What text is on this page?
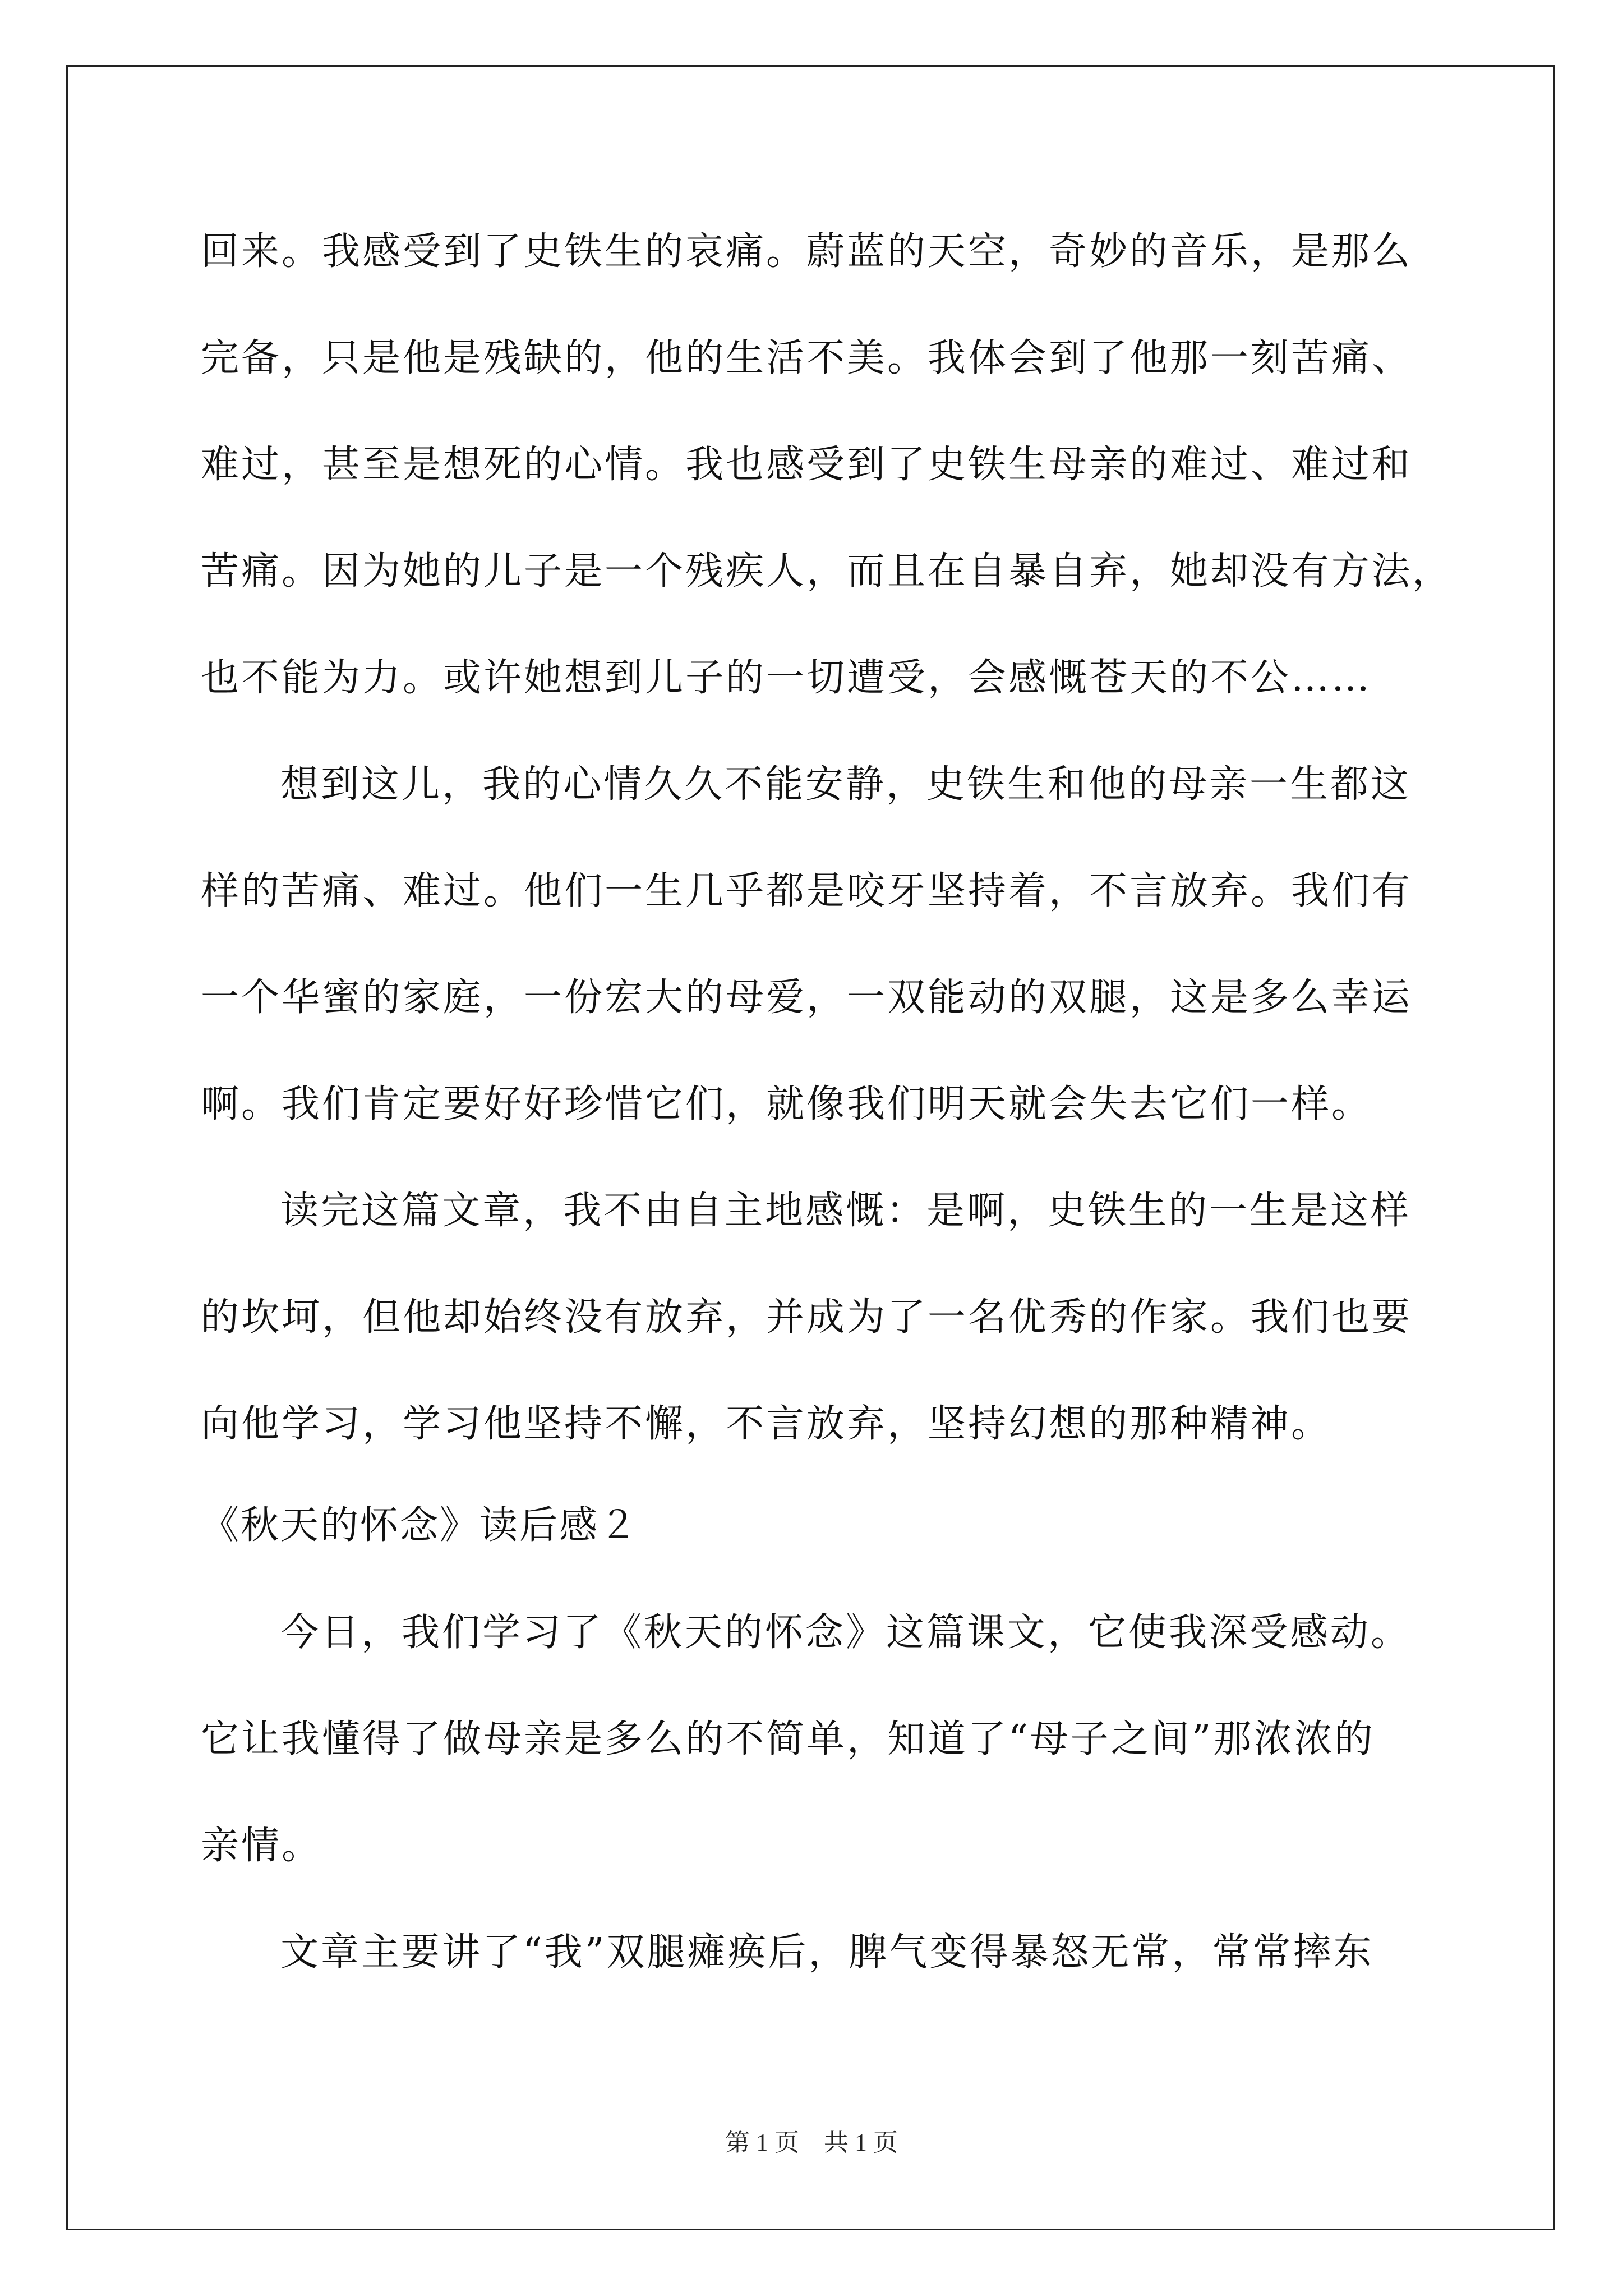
回来。我感受到了史铁生的哀痛。蔚蓝的天空，奇妙的音乐，是那么
完备，只是他是残缺的，他的生活不美。我体会到了他那一刻苦痛、
难过，甚至是想死的心情。我也感受到了史铁生母亲的难过、难过和
苦痛。因为她的儿子是一个残疾人，而且在自暴自弃，她却没有方法，
也不能为力。或许她想到儿子的一切遭受，会感慨苍天的不公……
想到这儿，我的心情久久不能安静，史铁生和他的母亲一生都这
样的苦痛、难过。他们一生几乎都是咬牙坚持着，不言放弃。我们有
一个华蜜的家庭，一份宏大的母爱，一双能动的双腿，这是多么幸运
啊。我们肯定要好好珍惜它们，就像我们明天就会失去它们一样。
读完这篇文章，我不由自主地感慨：是啊，史铁生的一生是这样
的坎坷，但他却始终没有放弃，并成为了一名优秀的作家。我们也要
向他学习，学习他坚持不懈，不言放弃，坚持幻想的那种精神。
《秋天的怀念》读后感２
今日，我们学习了《秋天的怀念》这篇课文，它使我深受感动。
它让我懂得了做母亲是多么的不简单，知道了“母子之间”那浓浓的
亲情。
文章主要讲了“我”双腿瘫痪后，脾气变得暴怒无常，常常摔东
第 1 页　共 1 页
